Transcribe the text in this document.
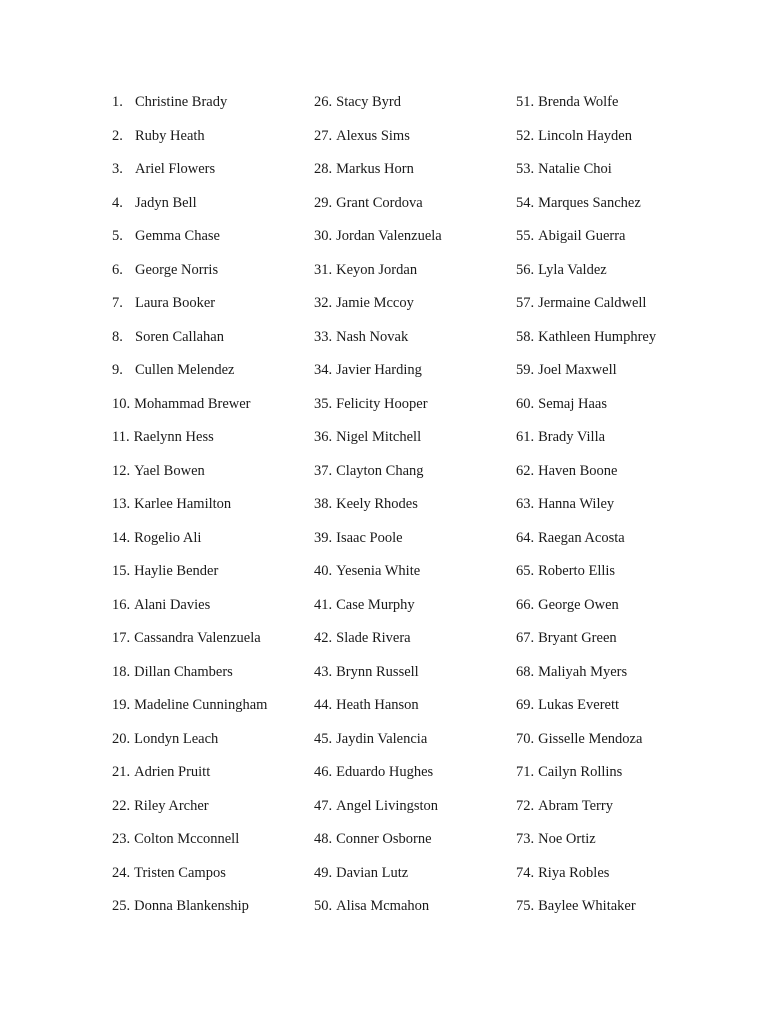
1. Christine Brady
2. Ruby Heath
3. Ariel Flowers
4. Jadyn Bell
5. Gemma Chase
6. George Norris
7. Laura Booker
8. Soren Callahan
9. Cullen Melendez
10. Mohammad Brewer
11. Raelynn Hess
12. Yael Bowen
13. Karlee Hamilton
14. Rogelio Ali
15. Haylie Bender
16. Alani Davies
17. Cassandra Valenzuela
18. Dillan Chambers
19. Madeline Cunningham
20. Londyn Leach
21. Adrien Pruitt
22. Riley Archer
23. Colton Mcconnell
24. Tristen Campos
25. Donna Blankenship
26. Stacy Byrd
27. Alexus Sims
28. Markus Horn
29. Grant Cordova
30. Jordan Valenzuela
31. Keyon Jordan
32. Jamie Mccoy
33. Nash Novak
34. Javier Harding
35. Felicity Hooper
36. Nigel Mitchell
37. Clayton Chang
38. Keely Rhodes
39. Isaac Poole
40. Yesenia White
41. Case Murphy
42. Slade Rivera
43. Brynn Russell
44. Heath Hanson
45. Jaydin Valencia
46. Eduardo Hughes
47. Angel Livingston
48. Conner Osborne
49. Davian Lutz
50. Alisa Mcmahon
51. Brenda Wolfe
52. Lincoln Hayden
53. Natalie Choi
54. Marques Sanchez
55. Abigail Guerra
56. Lyla Valdez
57. Jermaine Caldwell
58. Kathleen Humphrey
59. Joel Maxwell
60. Semaj Haas
61. Brady Villa
62. Haven Boone
63. Hanna Wiley
64. Raegan Acosta
65. Roberto Ellis
66. George Owen
67. Bryant Green
68. Maliyah Myers
69. Lukas Everett
70. Gisselle Mendoza
71. Cailyn Rollins
72. Abram Terry
73. Noe Ortiz
74. Riya Robles
75. Baylee Whitaker
